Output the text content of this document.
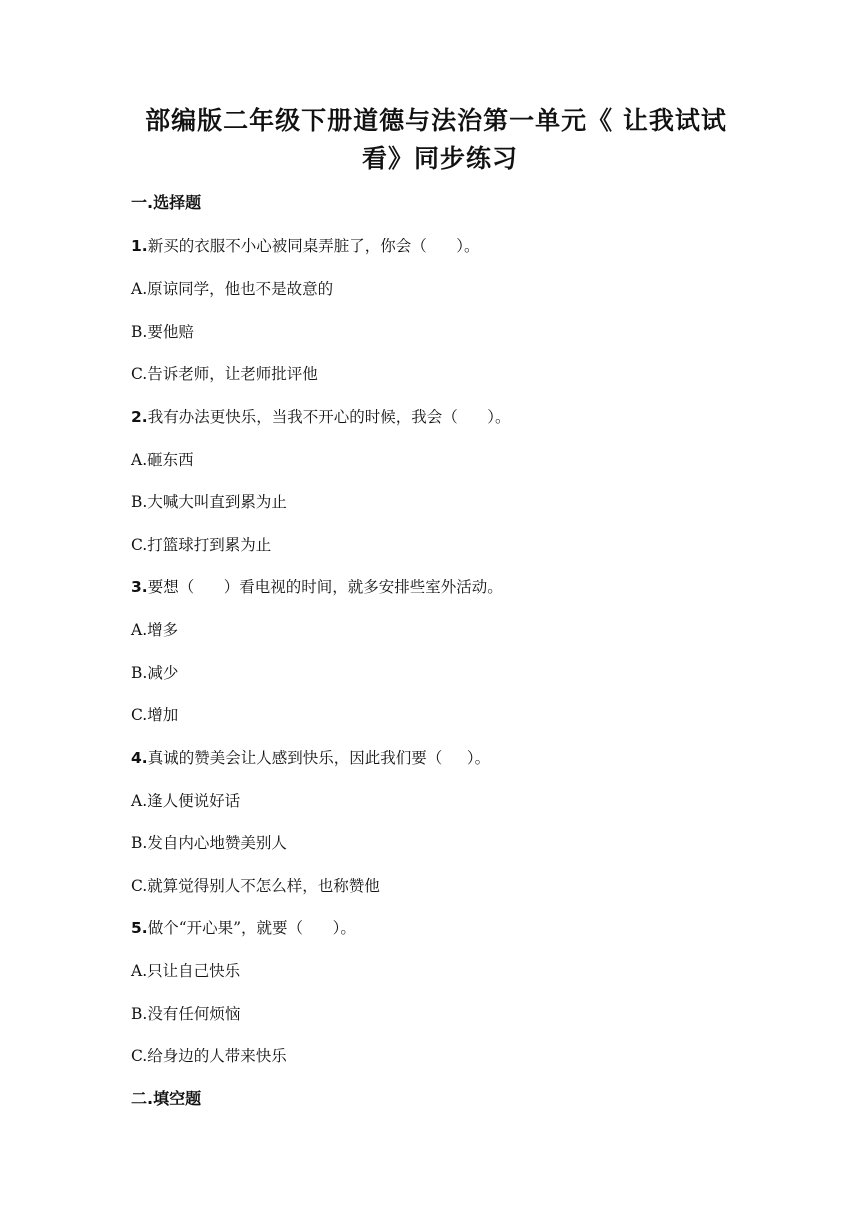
部编版二年级下册道德与法治第一单元《 让我试试
看》同步练习
一.选择题
1.新买的衣服不小心被同桌弄脏了，你会（      ）。
A.原谅同学，他也不是故意的
B.要他赔
C.告诉老师，让老师批评他
2.我有办法更快乐，当我不开心的时候，我会（      ）。
A.砸东西
B.大喊大叫直到累为止
C.打篮球打到累为止
3.要想（      ）看电视的时间，就多安排些室外活动。
A.增多
B.减少
C.增加
4.真诚的赞美会让人感到快乐，因此我们要（     ）。
A.逢人便说好话
B.发自内心地赞美别人
C.就算觉得别人不怎么样，也称赞他
5.做个“开心果”，就要（      ）。
A.只让自己快乐
B.没有任何烦恼
C.给身边的人带来快乐
二.填空题
